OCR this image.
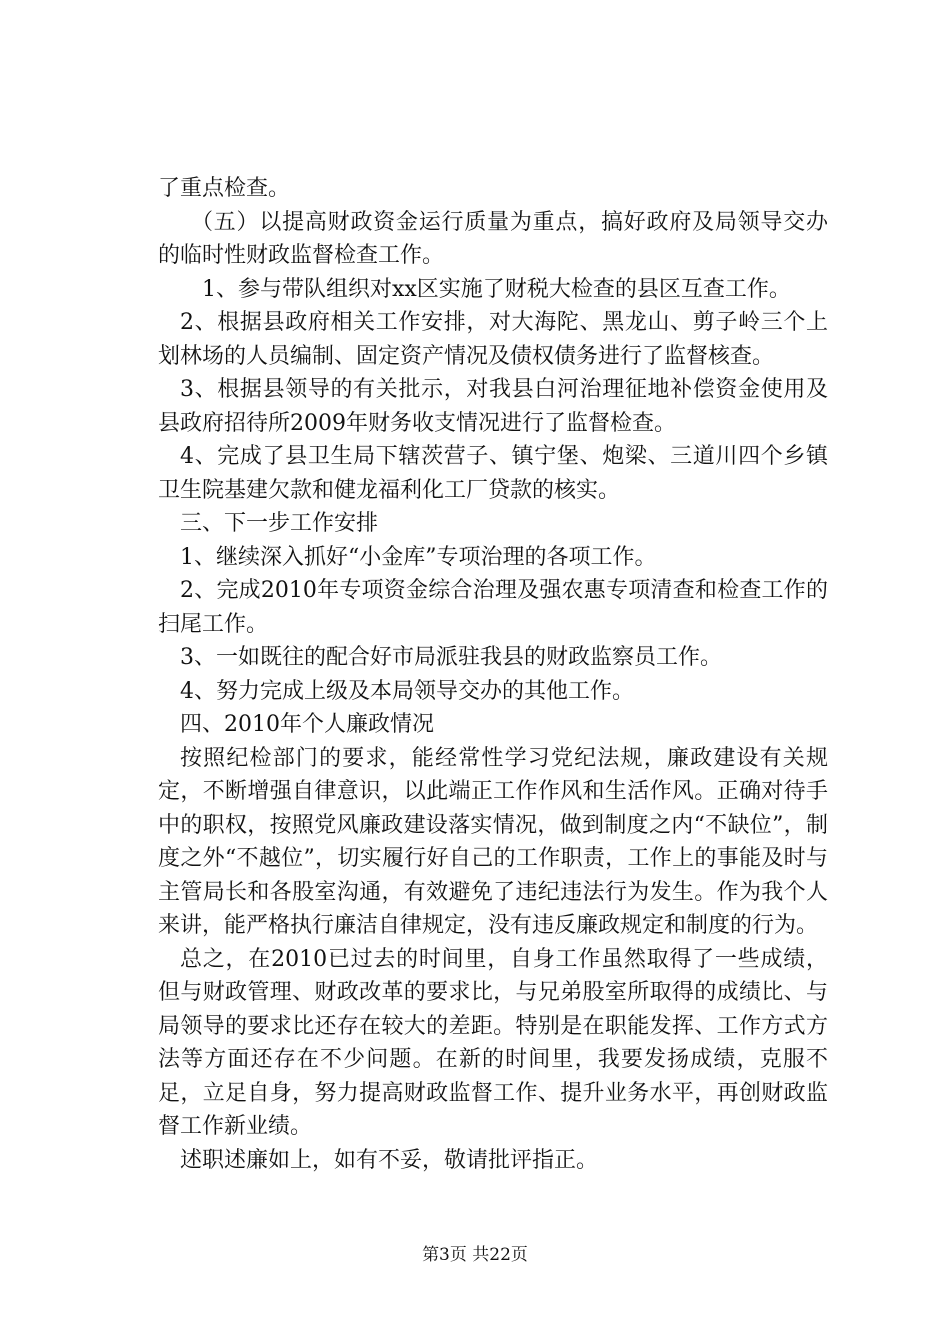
了重点检查。

（五）以提高财政资金运行质量为重点，搞好政府及局领导交办的临时性财政监督检查工作。

1、参与带队组织对xx区实施了财税大检查的县区互查工作。

2、根据县政府相关工作安排，对大海陀、黑龙山、剪子岭三个上划林场的人员编制、固定资产情况及债权债务进行了监督核查。

3、根据县领导的有关批示，对我县白河治理征地补偿资金使用及县政府招待所2009年财务收支情况进行了监督检查。

4、完成了县卫生局下辖茨营子、镇宁堡、炮梁、三道川四个乡镇卫生院基建欠款和健龙福利化工厂贷款的核实。

三、下一步工作安排

1、继续深入抓好“小金库”专项治理的各项工作。

2、完成2010年专项资金综合治理及强农惠专项清查和检查工作的扫尾工作。

3、一如既往的配合好市局派驻我县的财政监察员工作。

4、努力完成上级及本局领导交办的其他工作。

四、2010年个人廉政情况

按照纪检部门的要求，能经常性学习党纪法规，廉政建设有关规定，不断增强自律意识，以此端正工作作风和生活作风。正确对待手中的职权，按照党风廉政建设落实情况，做到制度之内“不缺位”，制度之外“不越位”，切实履行好自己的工作职责，工作上的事能及时与主管局长和各股室沟通，有效避免了违纪违法行为发生。作为我个人来讲，能严格执行廉洁自律规定，没有违反廉政规定和制度的行为。

总之，在2010已过去的时间里，自身工作虽然取得了一些成绩，但与财政管理、财政改革的要求比，与兄弟股室所取得的成绩比、与局领导的要求比还存在较大的差距。特别是在职能发挥、工作方式方法等方面还存在不少问题。在新的时间里，我要发扬成绩，克服不足，立足自身，努力提高财政监督工作、提升业务水平，再创财政监督工作新业绩。

述职述廉如上，如有不妥，敬请批评指正。

第3页 共22页
